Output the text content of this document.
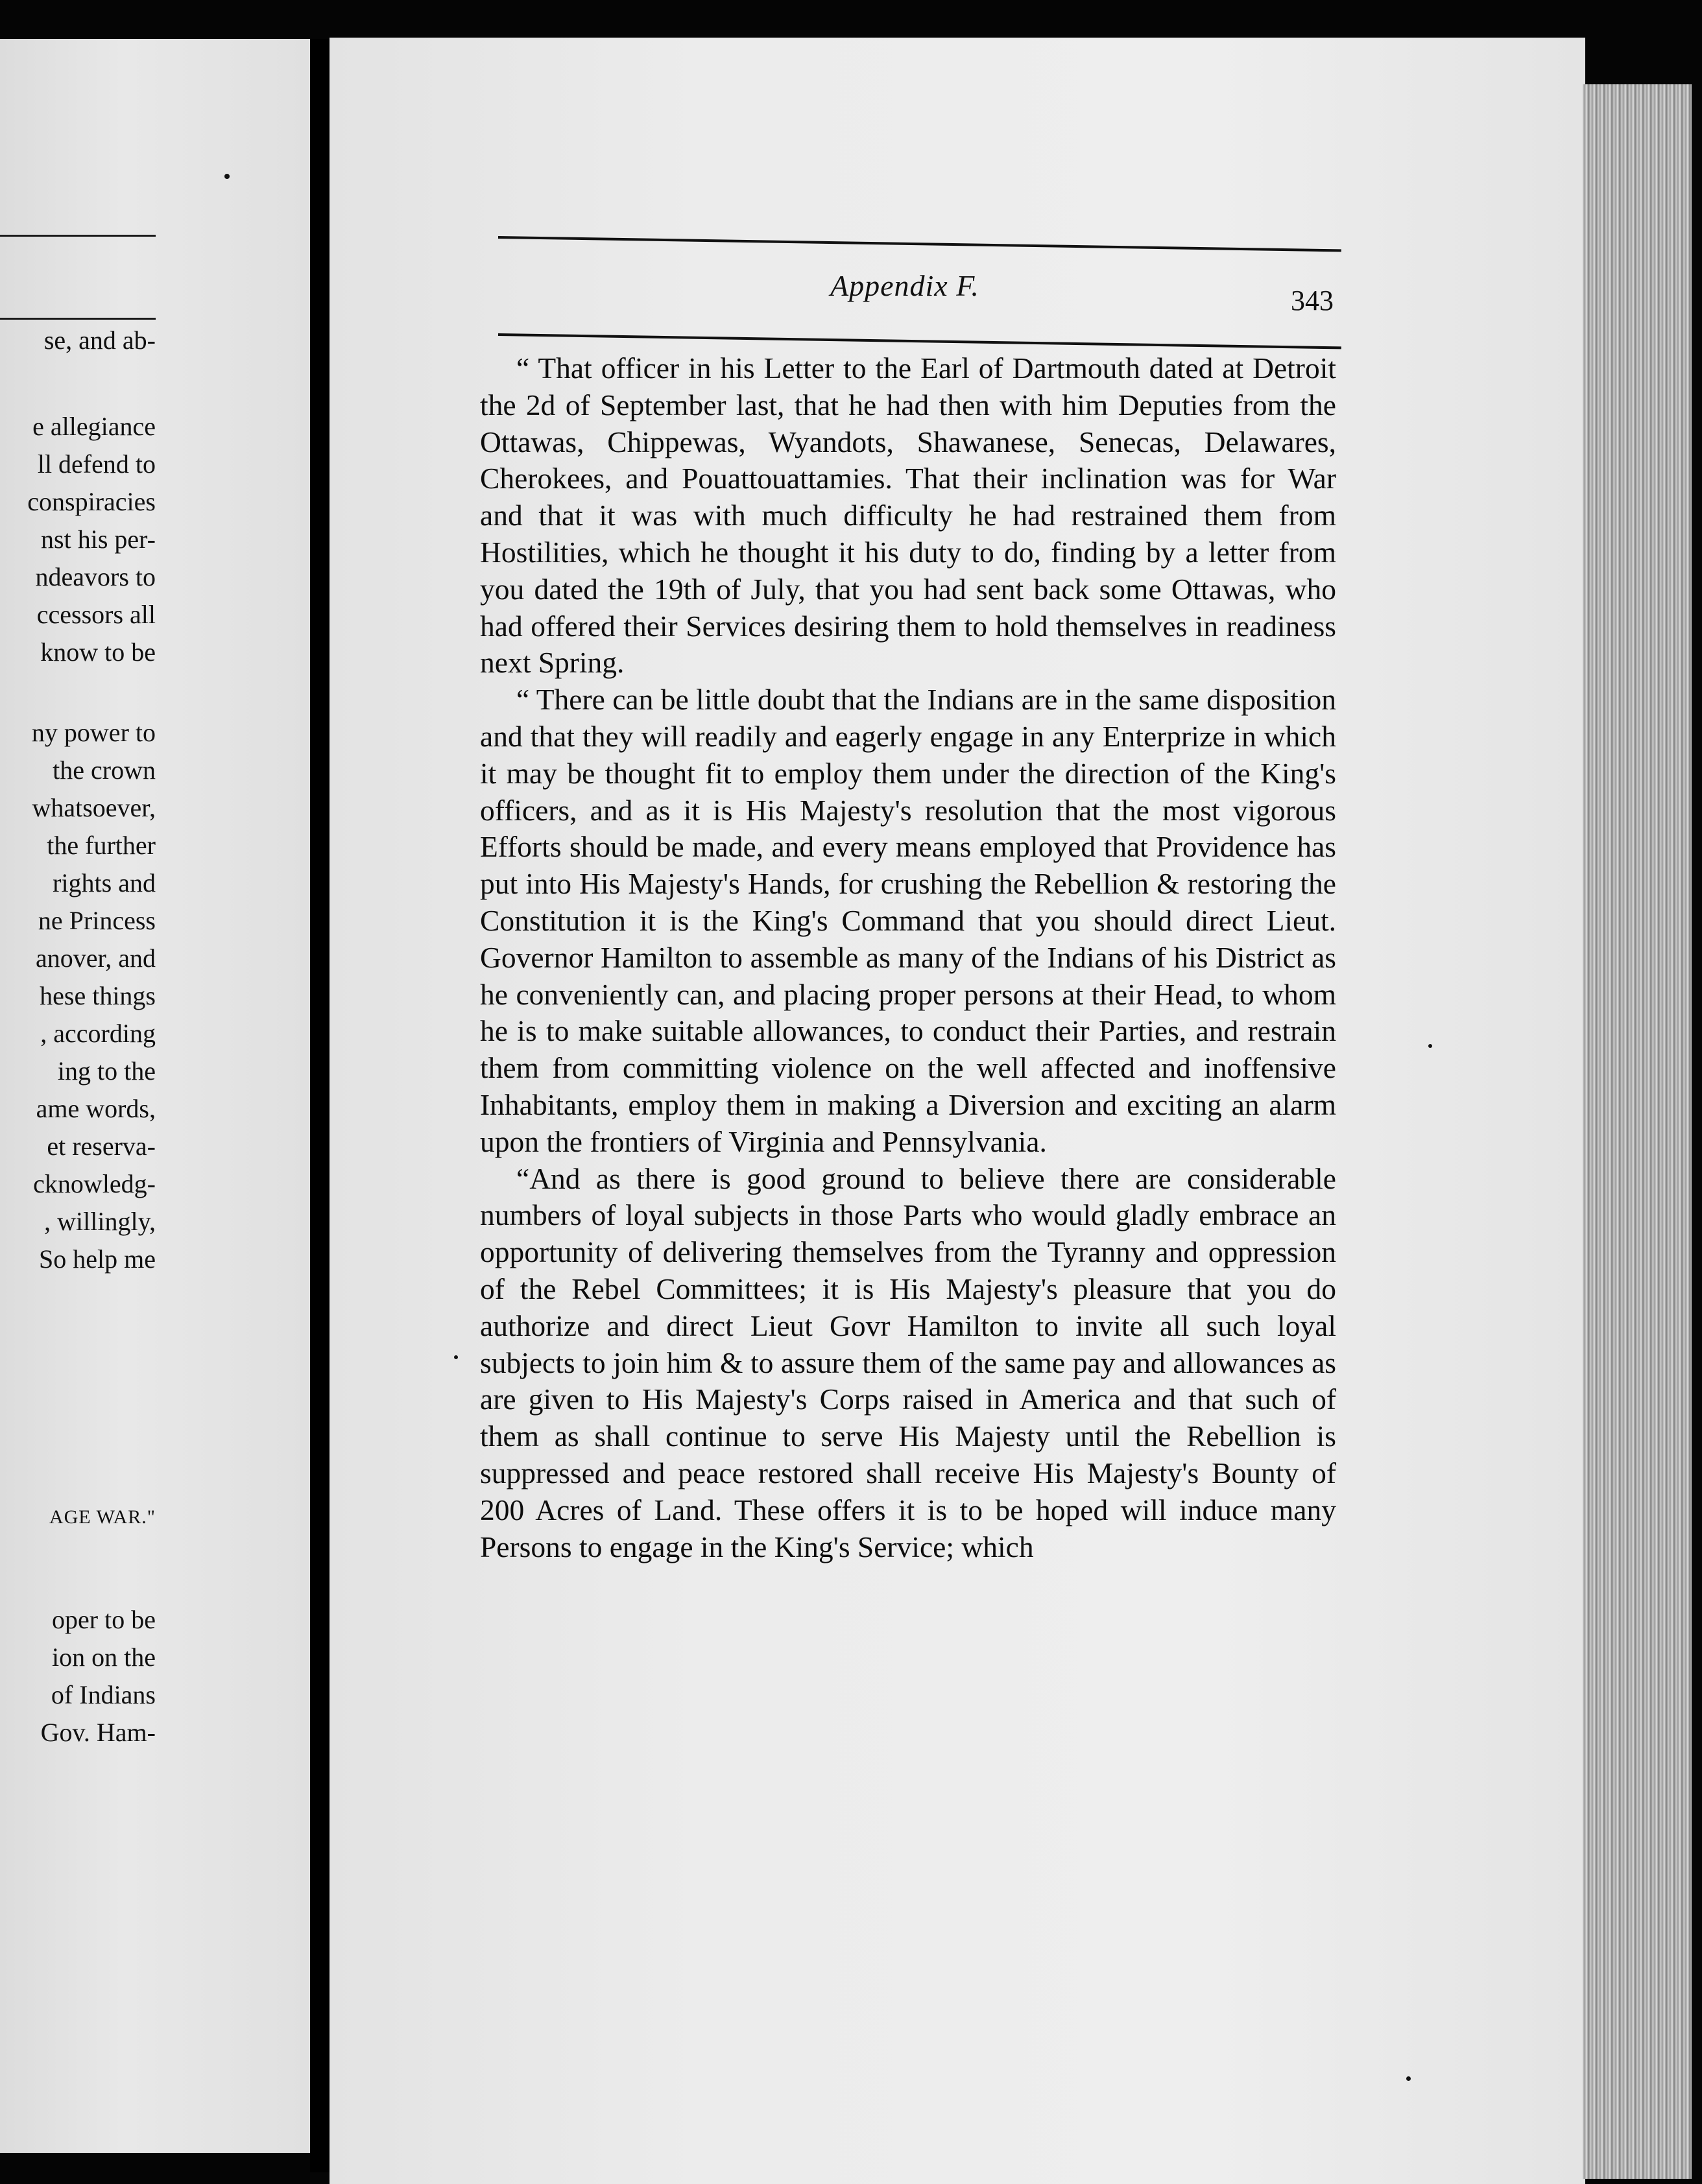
se, and ab-
e allegiance
ll defend to
conspiracies
nst his per-
ndeavors to
ccessors all
know to be
ny power to
the crown
whatsoever,
the further
rights and
ne Princess
anover, and
hese things
, according
ing to the
ame words,
et reserva-
cknowledg-
, willingly,
So help me
AGE WAR."
oper to be
ion on the
of Indians
Gov. Ham-
Appendix F.	343

“ That officer in his Letter to the Earl of Dartmouth dated at Detroit the 2d of September last, that he had then with him Deputies from the Ottawas, Chippewas, Wyandots, Shawanese, Senecas, Delawares, Cherokees, and Pouattouattamies. That their inclination was for War and that it was with much difficulty he had restrained them from Hostilities, which he thought it his duty to do, finding by a letter from you dated the 19th of July, that you had sent back some Ottawas, who had offered their Services desiring them to hold themselves in readiness next Spring.

“ There can be little doubt that the Indians are in the same disposition and that they will readily and eagerly engage in any Enterprize in which it may be thought fit to employ them under the direction of the King's officers, and as it is His Majesty's resolution that the most vigorous Efforts should be made, and every means employed that Providence has put into His Majesty's Hands, for crushing the Rebellion & restoring the Constitution it is the King's Command that you should direct Lieut. Governor Hamilton to assemble as many of the Indians of his District as he conveniently can, and placing proper persons at their Head, to whom he is to make suitable allowances, to conduct their Parties, and restrain them from committing violence on the well affected and inoffensive Inhabitants, employ them in making a Diversion and exciting an alarm upon the frontiers of Virginia and Pennsylvania.

“And as there is good ground to believe there are considerable numbers of loyal subjects in those Parts who would gladly embrace an opportunity of delivering themselves from the Tyranny and oppression of the Rebel Committees; it is His Majesty's pleasure that you do authorize and direct Lieut Govr Hamilton to invite all such loyal subjects to join him & to assure them of the same pay and allowances as are given to His Majesty's Corps raised in America and that such of them as shall continue to serve His Majesty until the Rebellion is suppressed and peace restored shall receive His Majesty's Bounty of 200 Acres of Land. These offers it is to be hoped will induce many Persons to engage in the King's Service; which
